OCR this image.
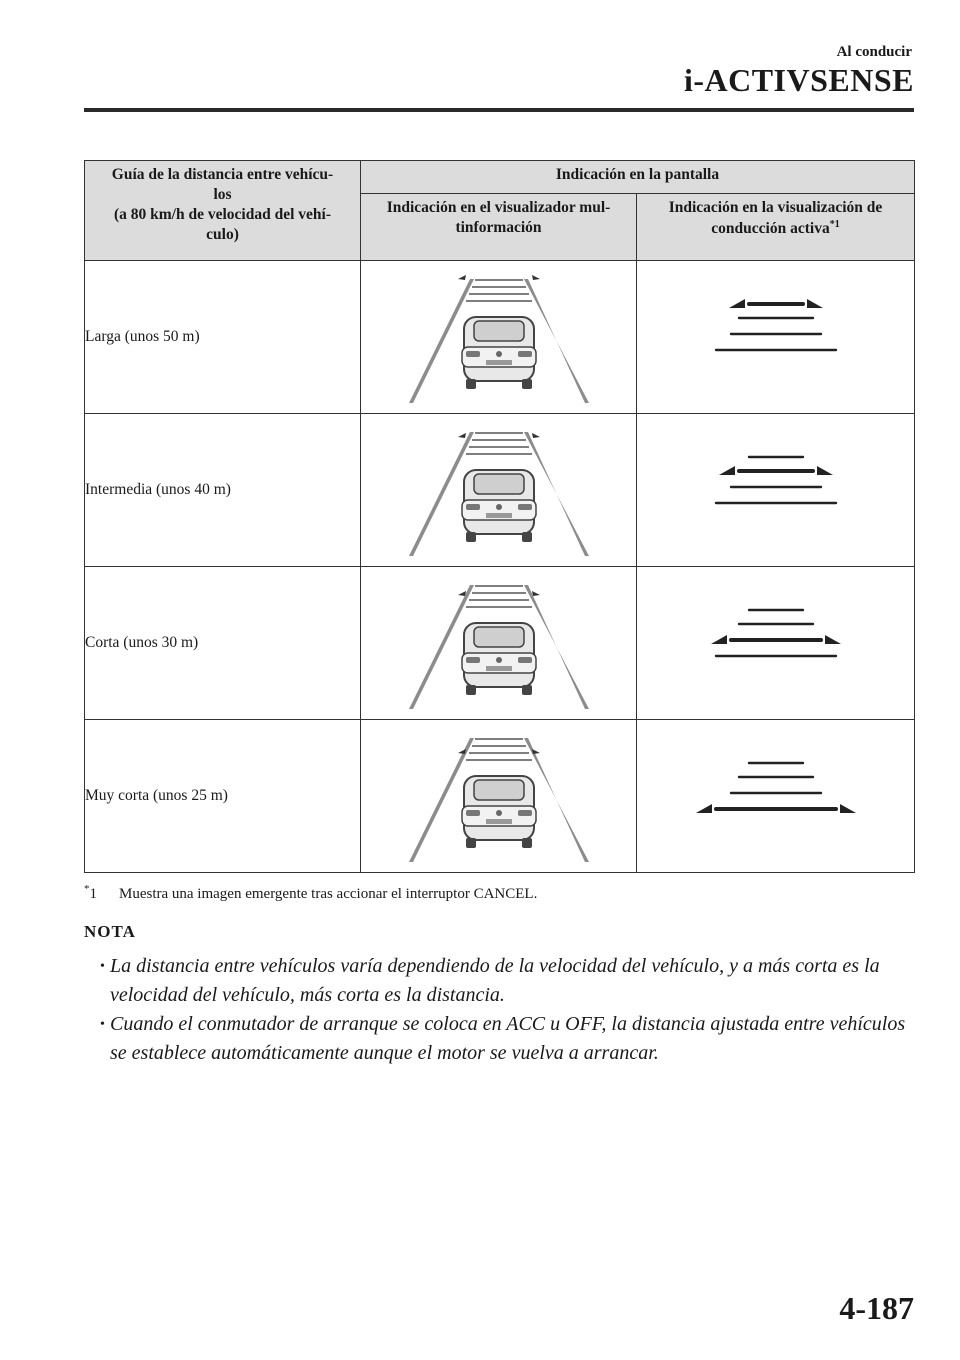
Al conducir
i-ACTIVSENSE
Guía de la distancia entre vehícu-
los
(a 80 km/h de velocidad del vehí-
culo)	Indicación en la pantalla	

	Indicación en el visualizador mul-
tinformación	Indicación en la visualización de
conducción activa$^{*1}$

Larga (unos 50 m)	

Intermedia (unos 40 m)	

Corta (unos 30 m)	

Muy corta (unos 25 m)	

*1 Muestra una imagen emergente tras accionar el interruptor CANCEL.
NOTA
• La distancia entre vehículos varía dependiendo de la velocidad del vehículo, y a más corta es la velocidad del vehículo, más corta es la distancia.
• Cuando el conmutador de arranque se coloca en ACC u OFF, la distancia ajustada entre vehículos se establece automáticamente aunque el motor se vuelva a arrancar.
4-187
